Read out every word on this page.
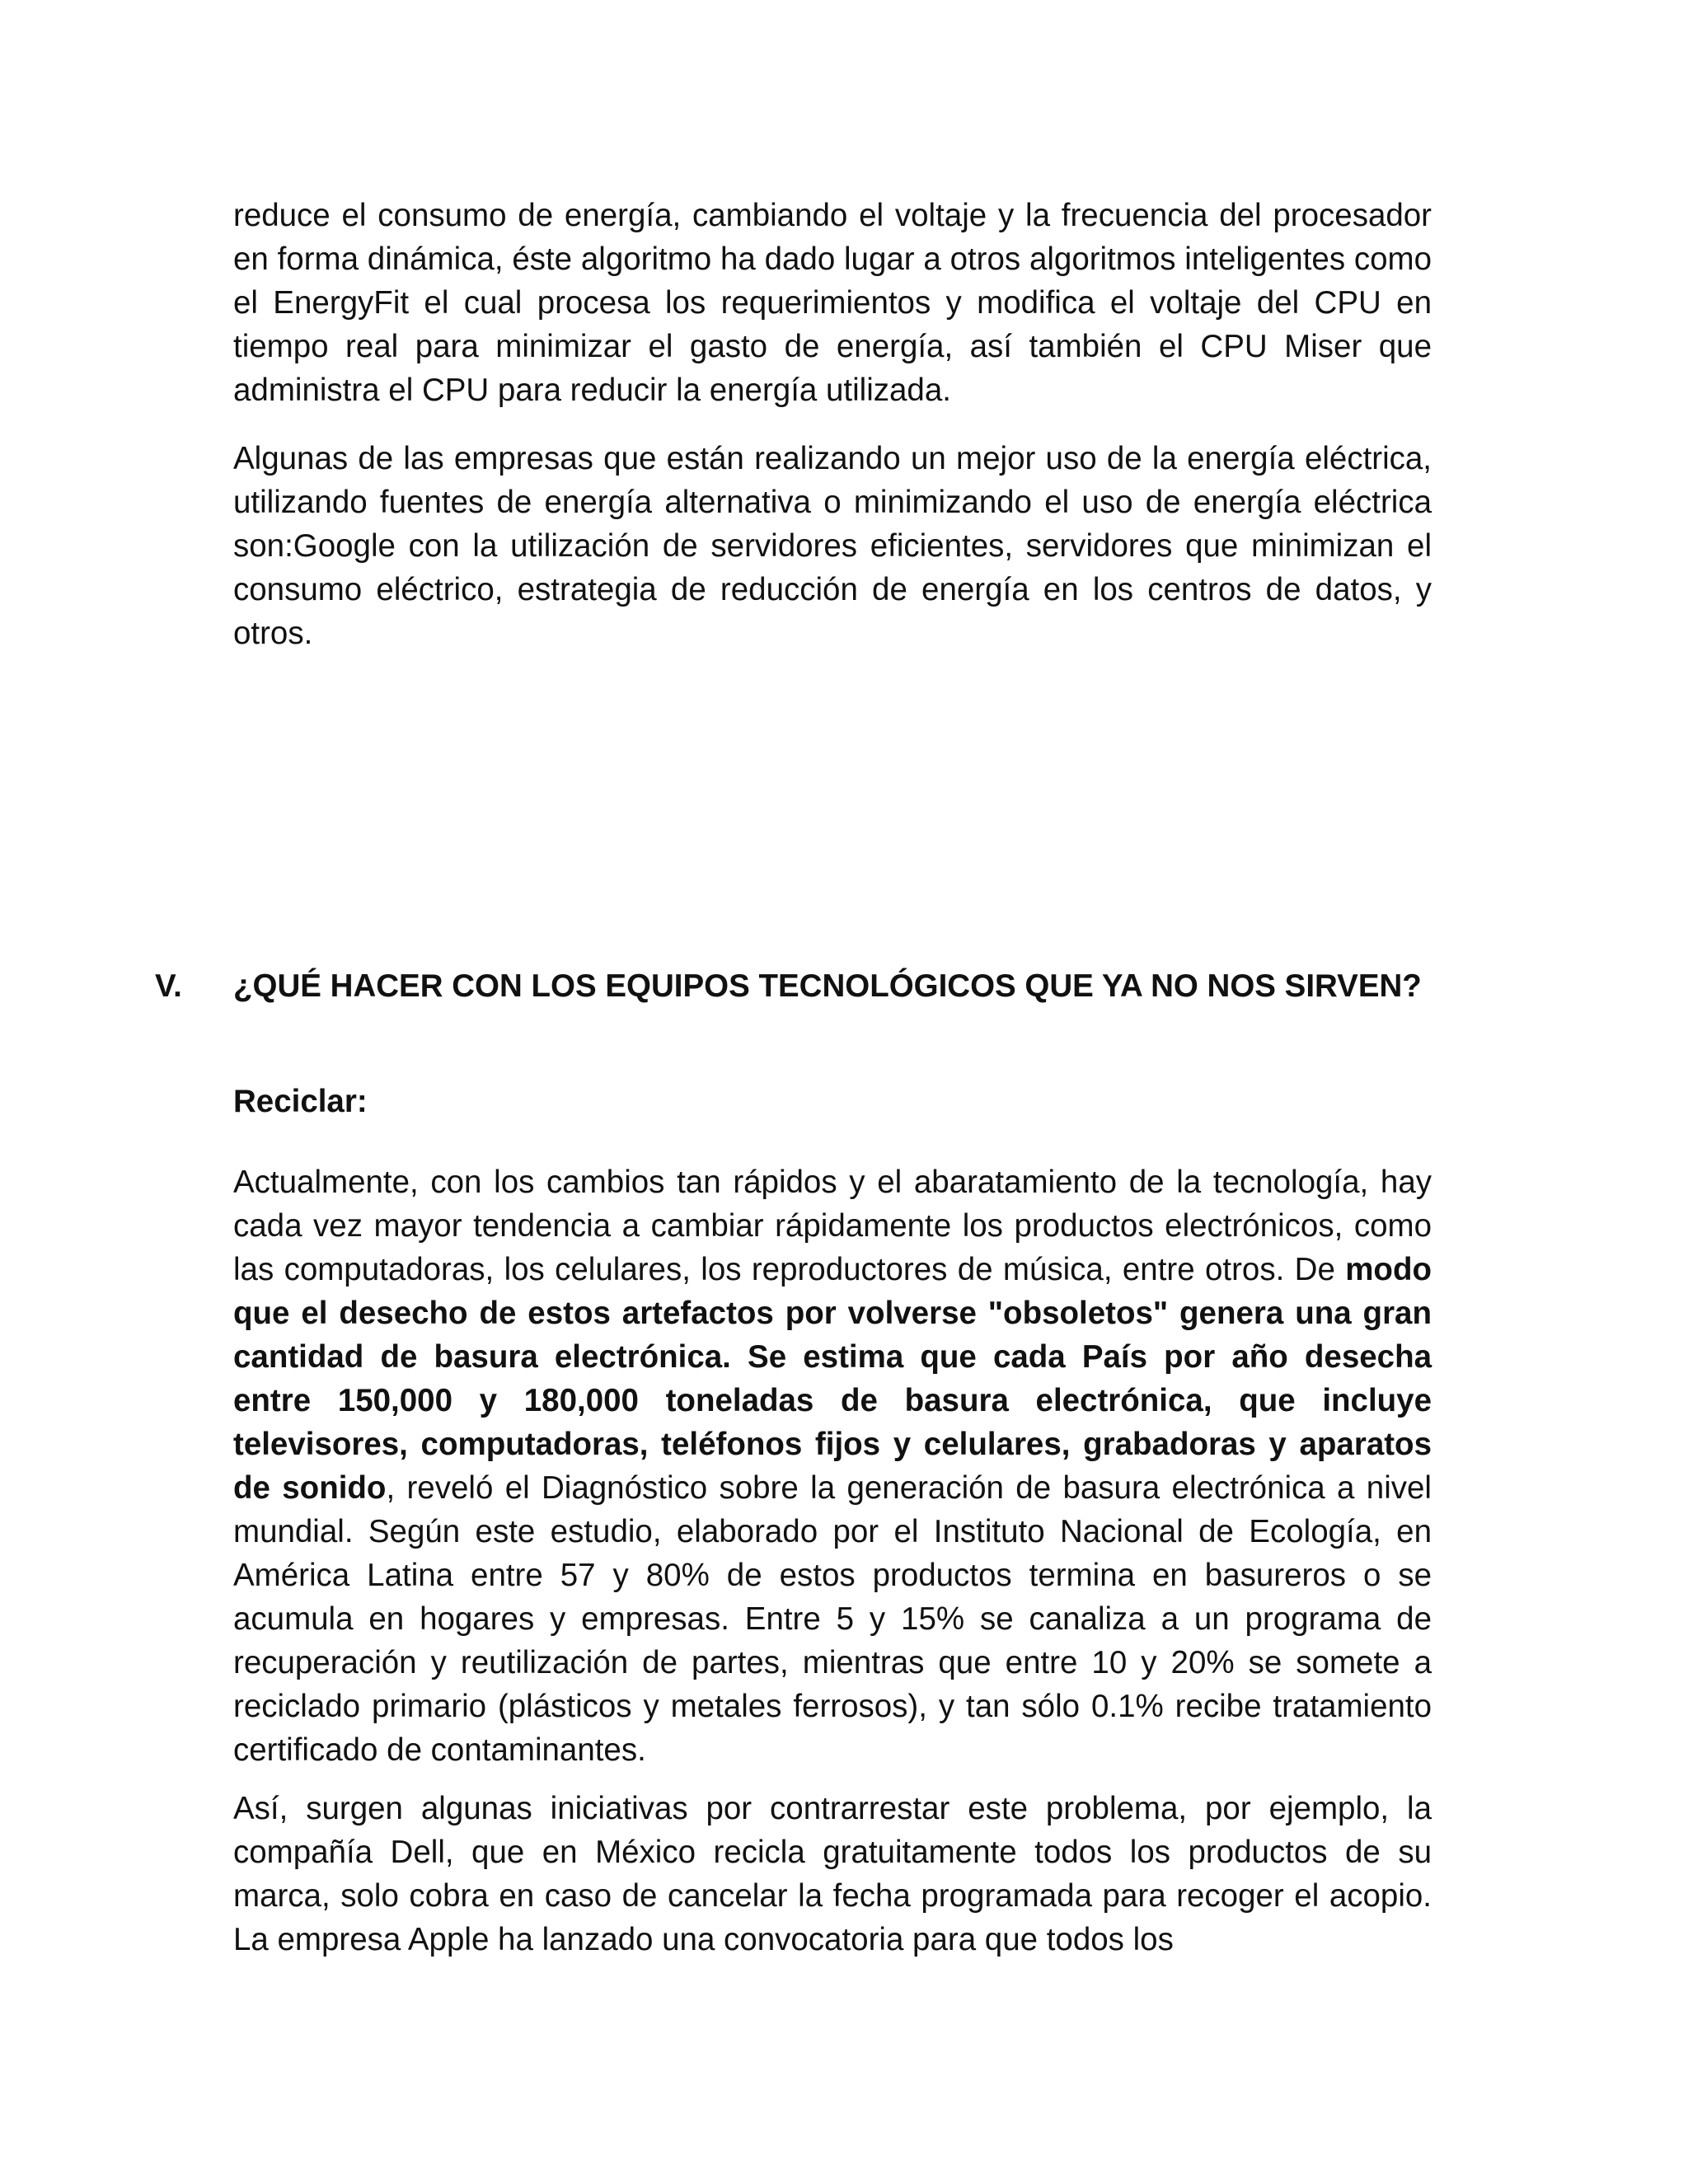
reduce el consumo de energía, cambiando el voltaje y la frecuencia del procesador en forma dinámica, éste algoritmo ha dado lugar a otros algoritmos inteligentes como el EnergyFit el cual procesa los requerimientos y modifica el voltaje del CPU en tiempo real para minimizar el gasto de energía, así también el CPU Miser que administra el CPU para reducir la energía utilizada.

Algunas de las empresas que están realizando un mejor uso de la energía eléctrica, utilizando fuentes de energía alternativa o minimizando el uso de energía eléctrica son:Google con la utilización de servidores eficientes, servidores que minimizan el consumo eléctrico, estrategia de reducción de energía en los centros de datos, y otros.

V. ¿QUÉ HACER CON LOS EQUIPOS TECNOLÓGICOS QUE YA NO NOS SIRVEN?

Reciclar:

Actualmente, con los cambios tan rápidos y el abaratamiento de la tecnología, hay cada vez mayor tendencia a cambiar rápidamente los productos electrónicos, como las computadoras, los celulares, los reproductores de música, entre otros. De modo que el desecho de estos artefactos por volverse "obsoletos" genera una gran cantidad de basura electrónica. Se estima que cada País por año desecha entre 150,000 y 180,000 toneladas de basura electrónica, que incluye televisores, computadoras, teléfonos fijos y celulares, grabadoras y aparatos de sonido, reveló el Diagnóstico sobre la generación de basura electrónica a nivel mundial. Según este estudio, elaborado por el Instituto Nacional de Ecología, en América Latina entre 57 y 80% de estos productos termina en basureros o se acumula en hogares y empresas. Entre 5 y 15% se canaliza a un programa de recuperación y reutilización de partes, mientras que entre 10 y 20% se somete a reciclado primario (plásticos y metales ferrosos), y tan sólo 0.1% recibe tratamiento certificado de contaminantes.

Así, surgen algunas iniciativas por contrarrestar este problema, por ejemplo, la compañía Dell, que en México recicla gratuitamente todos los productos de su marca, solo cobra en caso de cancelar la fecha programada para recoger el acopio. La empresa Apple ha lanzado una convocatoria para que todos los
